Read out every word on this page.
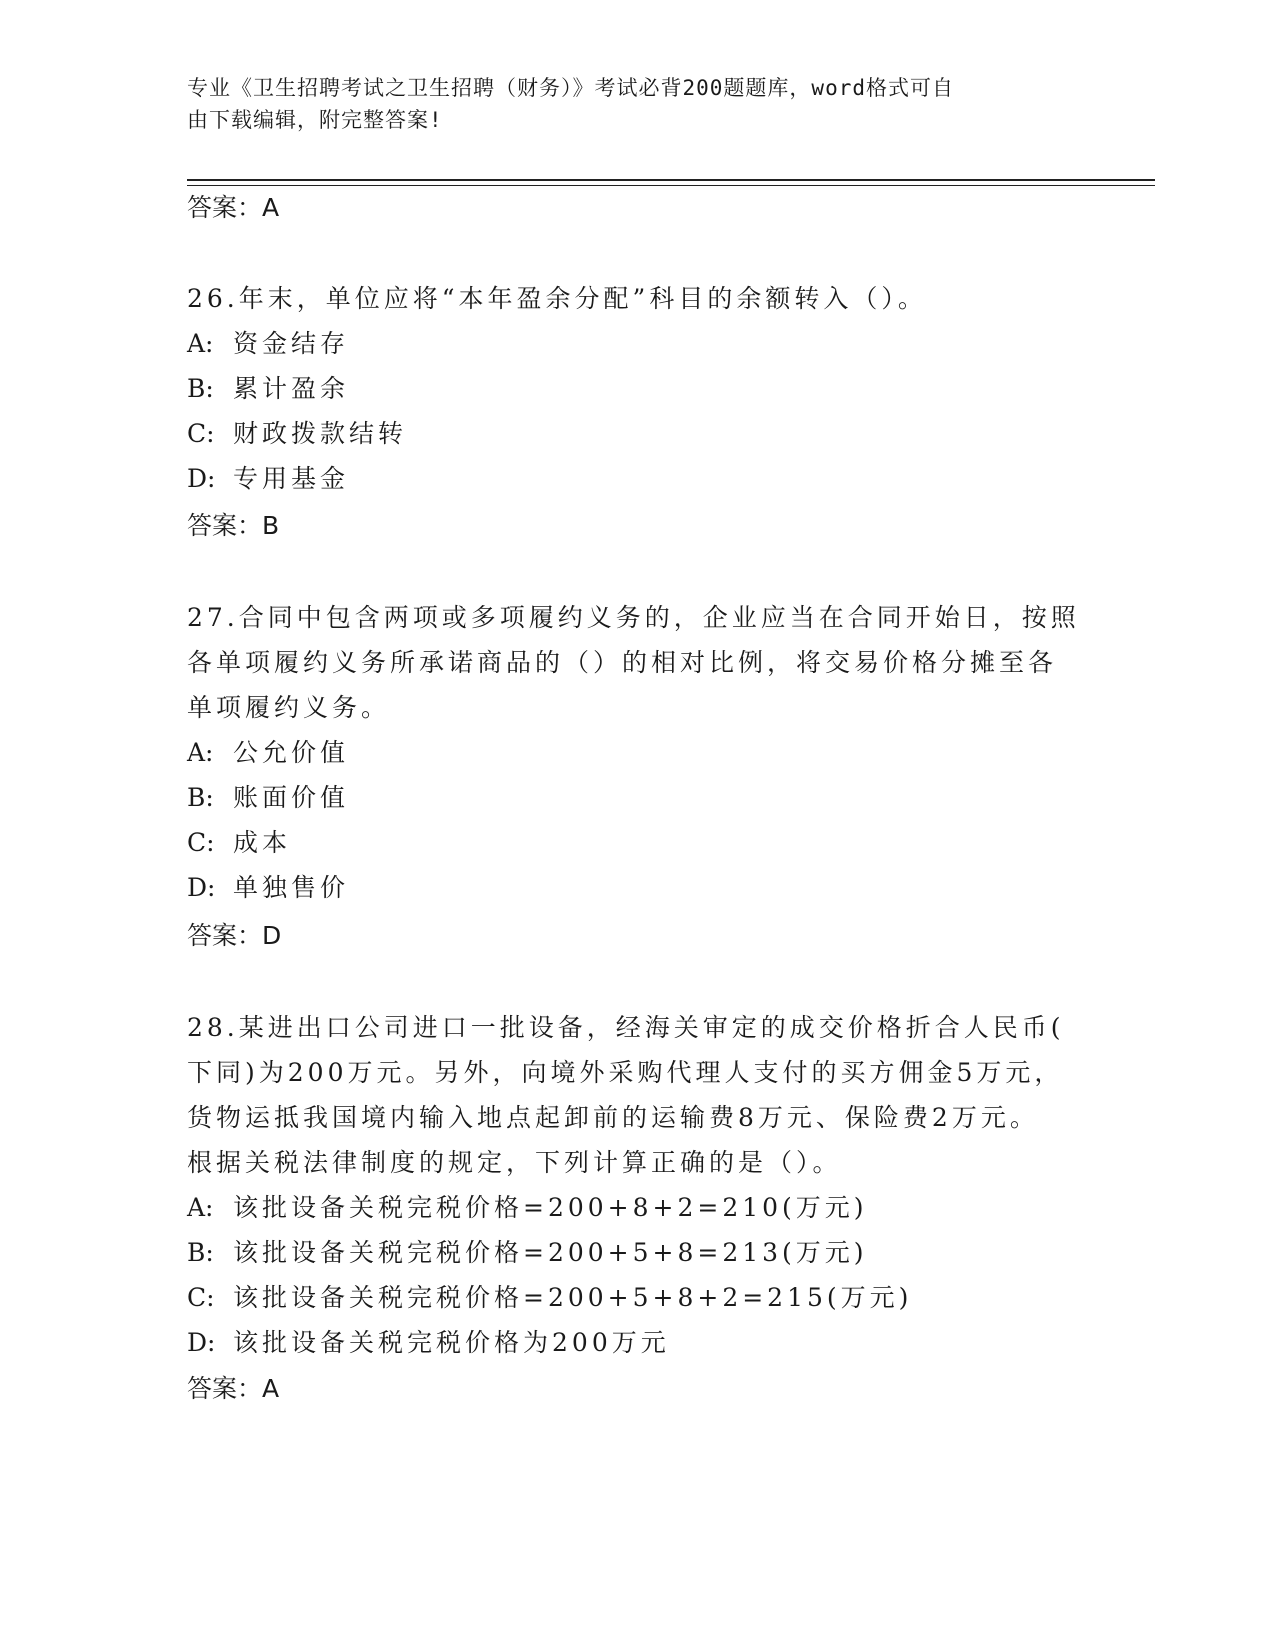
专业《卫生招聘考试之卫生招聘（财务）》考试必背200题题库，word格式可自
由下载编辑，附完整答案!
答案：A
26.年末，单位应将“本年盈余分配”科目的余额转入（）。
A: 资金结存
B: 累计盈余
C: 财政拨款结转
D: 专用基金
答案：B
27.合同中包含两项或多项履约义务的，企业应当在合同开始日，按照
各单项履约义务所承诺商品的（）的相对比例，将交易价格分摊至各
单项履约义务。
A: 公允价值
B: 账面价值
C: 成本
D: 单独售价
答案：D
28.某进出口公司进口一批设备，经海关审定的成交价格折合人民币(
下同)为200万元。另外，向境外采购代理人支付的买方佣金5万元，
货物运抵我国境内输入地点起卸前的运输费8万元、保险费2万元。
根据关税法律制度的规定，下列计算正确的是（）。
A: 该批设备关税完税价格=200+8+2=210(万元)
B: 该批设备关税完税价格=200+5+8=213(万元)
C: 该批设备关税完税价格=200+5+8+2=215(万元)
D: 该批设备关税完税价格为200万元
答案：A
